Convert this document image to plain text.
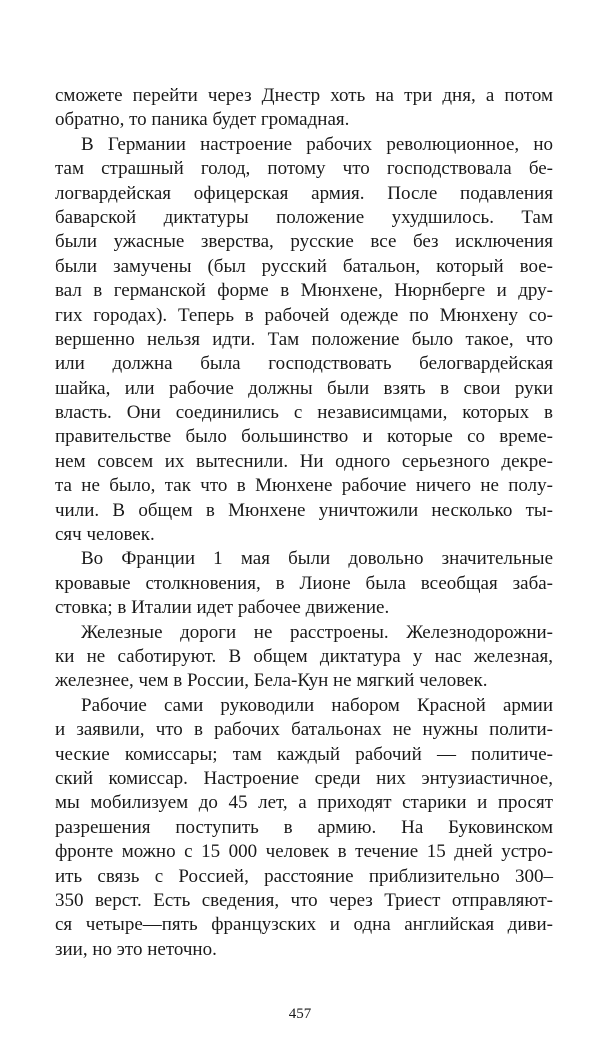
сможете перейти через Днестр хоть на три дня, а потом
обратно, то паника будет громадная.
В Германии настроение рабочих революционное, но
там страшный голод, потому что господствовала бе-
логвардейская офицерская армия. После подавления
баварской диктатуры положение ухудшилось. Там
были ужасные зверства, русские все без исключения
были замучены (был русский батальон, который вое-
вал в германской форме в Мюнхене, Нюрнберге и дру-
гих городах). Теперь в рабочей одежде по Мюнхену со-
вершенно нельзя идти. Там положение было такое, что
или должна была господствовать белогвардейская
шайка, или рабочие должны были взять в свои руки
власть. Они соединились с независимцами, которых в
правительстве было большинство и которые со време-
нем совсем их вытеснили. Ни одного серьезного декре-
та не было, так что в Мюнхене рабочие ничего не полу-
чили. В общем в Мюнхене уничтожили несколько ты-
сяч человек.
Во Франции 1 мая были довольно значительные
кровавые столкновения, в Лионе была всеобщая заба-
стовка; в Италии идет рабочее движение.
Железные дороги не расстроены. Железнодорожни-
ки не саботируют. В общем диктатура у нас железная,
железнее, чем в России, Бела-Кун не мягкий человек.
Рабочие сами руководили набором Красной армии
и заявили, что в рабочих батальонах не нужны полити-
ческие комиссары; там каждый рабочий — политиче-
ский комиссар. Настроение среди них энтузиастичное,
мы мобилизуем до 45 лет, а приходят старики и просят
разрешения поступить в армию. На Буковинском
фронте можно с 15 000 человек в течение 15 дней устро-
ить связь с Россией, расстояние приблизительно 300–
350 верст. Есть сведения, что через Триест отправляют-
ся четыре—пять французских и одна английская диви-
зии, но это неточно.
457
